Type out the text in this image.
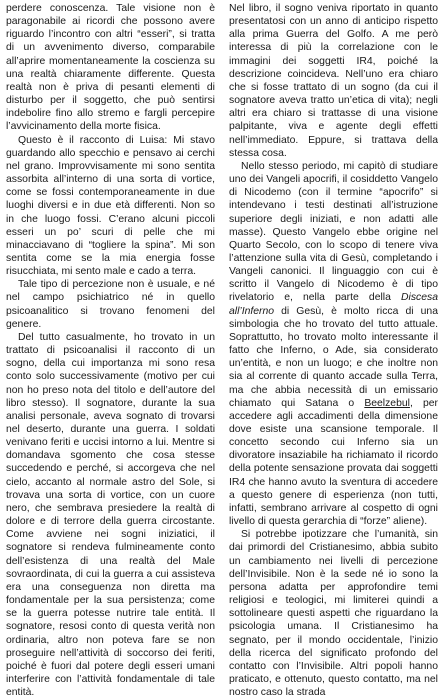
perdere conoscenza. Tale visione non è paragonabile ai ricordi che possono avere riguardo l’incontro con altri “esseri”, si tratta di un avvenimento diverso, comparabile all’aprire momentaneamente la coscienza su una realtà chiaramente differente. Questa realtà non è priva di pesanti elementi di disturbo per il soggetto, che può sentirsi indebolire fino allo stremo e fargli percepire l’avvicinamento della morte fisica.

Questo è il racconto di Luisa: Mi stavo guardando allo specchio e pensavo ai cerchi nel grano. Improvvisamente mi sono sentita assorbita all’interno di una sorta di vortice, come se fossi contemporaneamente in due luoghi diversi e in due età differenti. Non so in che luogo fossi. C’erano alcuni piccoli esseri un po’ scuri di pelle che mi minacciavano di “togliere la spina”. Mi son sentita come se la mia energia fosse risucchiata, mi sento male e cado a terra.

Tale tipo di percezione non è usuale, e né nel campo psichiatrico né in quello psicoanalitico si trovano fenomeni del genere.

Del tutto casualmente, ho trovato in un trattato di psicoanalisi il racconto di un sogno, della cui importanza mi sono resa conto solo successivamente (motivo per cui non ho preso nota del titolo e dell’autore del libro stesso). Il sognatore, durante la sua analisi personale, aveva sognato di trovarsi nel deserto, durante una guerra. I soldati venivano feriti e uccisi intorno a lui. Mentre si domandava sgomento che cosa stesse succedendo e perché, si accorgeva che nel cielo, accanto al normale astro del Sole, si trovava una sorta di vortice, con un cuore nero, che sembrava presiedere la realtà di dolore e di terrore della guerra circostante. Come avviene nei sogni iniziatici, il sognatore si rendeva fulmineamente conto dell’esistenza di una realtà del Male sovraordinata, di cui la guerra a cui assisteva era una conseguenza non diretta ma fondamentale per la sua persistenza; come se la guerra potesse nutrire tale entità. Il sognatore, resosi conto di questa verità non ordinaria, altro non poteva fare se non proseguire nell’attività di soccorso dei feriti, poiché è fuori dal potere degli esseri umani interferire con l’attività fondamentale di tale entità.

Nel libro, il sogno veniva riportato in quanto presentatosi con un anno di anticipo rispetto alla prima Guerra del Golfo. A me però interessa di più la correlazione con le immagini dei soggetti IR4, poiché la descrizione coincideva. Nell’uno era chiaro che si fosse trattato di un sogno (da cui il sognatore aveva tratto un’etica di vita); negli altri era chiaro si trattasse di una visione palpitante, viva e agente degli effetti nell’immediato. Eppure, si trattava della stessa cosa.

Nello stesso periodo, mi capitò di studiare uno dei Vangeli apocrifi, il cosiddetto Vangelo di Nicodemo (con il termine “apocrifo” si intendevano i testi destinati all’istruzione superiore degli iniziati, e non adatti alle masse). Questo Vangelo ebbe origine nel Quarto Secolo, con lo scopo di tenere viva l’attenzione sulla vita di Gesù, completando i Vangeli canonici. Il linguaggio con cui è scritto il Vangelo di Nicodemo è di tipo rivelatorio e, nella parte della Discesa all’Inferno di Gesù, è molto ricca di una simbologia che ho trovato del tutto attuale. Soprattutto, ho trovato molto interessante il fatto che Inferno, o Ade, sia considerato un’entità, e non un luogo; e che inoltre non sia al corrente di quanto accade sulla Terra, ma che abbia necessità di un emissario chiamato qui Satana o Beelzebul, per accedere agli accadimenti della dimensione dove esiste una scansione temporale. Il concetto secondo cui Inferno sia un divoratore insaziabile ha richiamato il ricordo della potente sensazione provata dai soggetti IR4 che hanno avuto la sventura di accedere a questo genere di esperienza (non tutti, infatti, sembrano arrivare al cospetto di ogni livello di questa gerarchia di “forze” aliene).

Si potrebbe ipotizzare che l’umanità, sin dai primordi del Cristianesimo, abbia subito un cambiamento nei livelli di percezione dell’Invisibile. Non è la sede né io sono la persona adatta per approfondire temi religiosi e teologici, mi limiterei quindi a sottolineare questi aspetti che riguardano la psicologia umana. Il Cristianesimo ha segnato, per il mondo occidentale, l’inizio della ricerca del significato profondo del contatto con l’Invisibile. Altri popoli hanno praticato, e ottenuto, questo contatto, ma nel nostro caso la strada
